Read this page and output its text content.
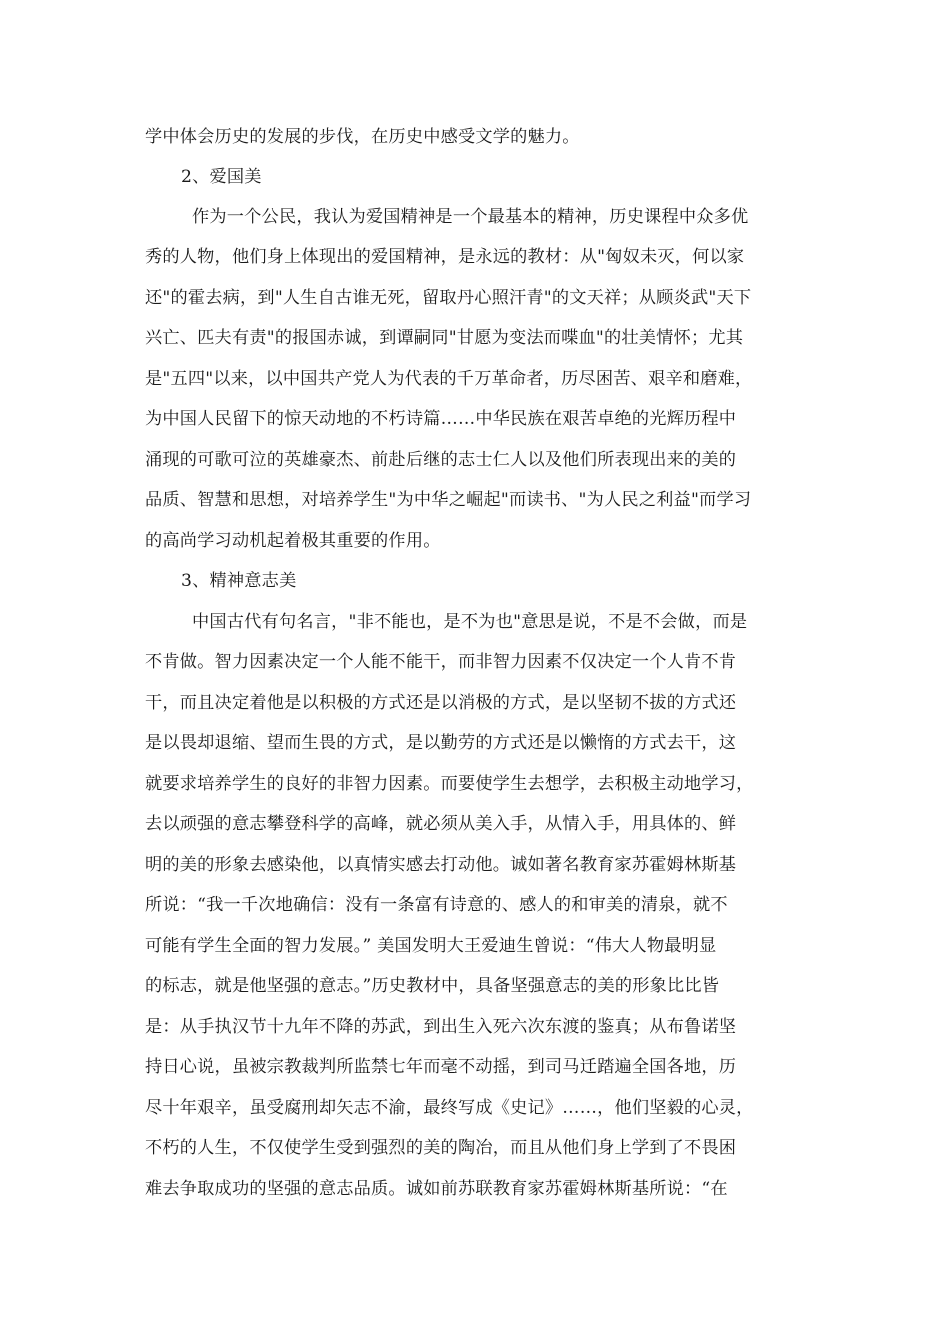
学中体会历史的发展的步伐，在历史中感受文学的魅力。
2、爱国美
作为一个公民，我认为爱国精神是一个最基本的精神，历史课程中众多优
秀的人物，他们身上体现出的爱国精神，是永远的教材：从"匈奴未灭，何以家
还"的霍去病，到"人生自古谁无死，留取丹心照汗青"的文天祥；从顾炎武"天下
兴亡、匹夫有责"的报国赤诚，到谭嗣同"甘愿为变法而喋血"的壮美情怀；尤其
是"五四"以来，以中国共产党人为代表的千万革命者，历尽困苦、艰辛和磨难，
为中国人民留下的惊天动地的不朽诗篇……中华民族在艰苦卓绝的光辉历程中
涌现的可歌可泣的英雄豪杰、前赴后继的志士仁人以及他们所表现出来的美的
品质、智慧和思想，对培养学生"为中华之崛起"而读书、"为人民之利益"而学习
的高尚学习动机起着极其重要的作用。
3、精神意志美
中国古代有句名言，"非不能也，是不为也"意思是说，不是不会做，而是
不肯做。智力因素决定一个人能不能干，而非智力因素不仅决定一个人肯不肯
干，而且决定着他是以积极的方式还是以消极的方式，是以坚韧不拔的方式还
是以畏却退缩、望而生畏的方式，是以勤劳的方式还是以懒惰的方式去干，这
就要求培养学生的良好的非智力因素。而要使学生去想学，去积极主动地学习，
去以顽强的意志攀登科学的高峰，就必须从美入手，从情入手，用具体的、鲜
明的美的形象去感染他，以真情实感去打动他。诚如著名教育家苏霍姆林斯基
所说：“我一千次地确信：没有一条富有诗意的、感人的和审美的清泉，就不
可能有学生全面的智力发展。” 美国发明大王爱迪生曾说：“伟大人物最明显
的标志，就是他坚强的意志。”历史教材中，具备坚强意志的美的形象比比皆
是：从手执汉节十九年不降的苏武，到出生入死六次东渡的鉴真；从布鲁诺坚
持日心说，虽被宗教裁判所监禁七年而毫不动摇，到司马迁踏遍全国各地，历
尽十年艰辛，虽受腐刑却矢志不渝，最终写成《史记》……，他们坚毅的心灵，
不朽的人生，不仅使学生受到强烈的美的陶冶，而且从他们身上学到了不畏困
难去争取成功的坚强的意志品质。诚如前苏联教育家苏霍姆林斯基所说：“在
